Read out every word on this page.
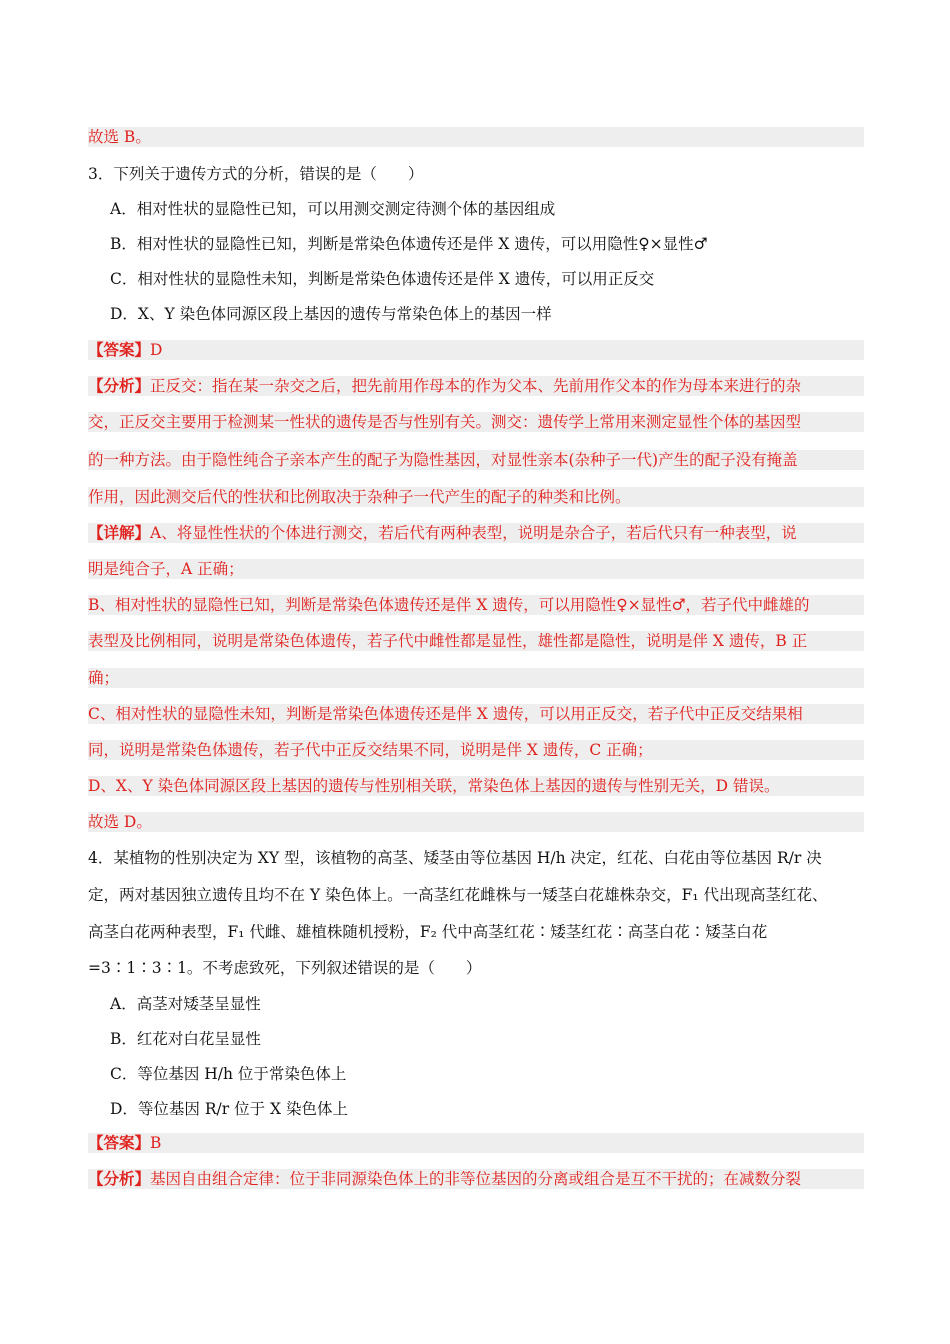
故选 B。
3．下列关于遗传方式的分析，错误的是（　　）
A．相对性状的显隐性已知，可以用测交测定待测个体的基因组成
B．相对性状的显隐性已知，判断是常染色体遗传还是伴 X 遗传，可以用隐性♀×显性♂
C．相对性状的显隐性未知，判断是常染色体遗传还是伴 X 遗传，可以用正反交
D．X、Y 染色体同源区段上基因的遗传与常染色体上的基因一样
【答案】D
【分析】正反交：指在某一杂交之后，把先前用作母本的作为父本、先前用作父本的作为母本来进行的杂
交，正反交主要用于检测某一性状的遗传是否与性别有关。测交：遗传学上常用来测定显性个体的基因型
的一种方法。由于隐性纯合子亲本产生的配子为隐性基因，对显性亲本(杂种子一代)产生的配子没有掩盖
作用，因此测交后代的性状和比例取决于杂种子一代产生的配子的种类和比例。
【详解】A、将显性性状的个体进行测交，若后代有两种表型，说明是杂合子，若后代只有一种表型，说
明是纯合子，A 正确；
B、相对性状的显隐性已知，判断是常染色体遗传还是伴 X 遗传，可以用隐性♀×显性♂，若子代中雌雄的
表型及比例相同，说明是常染色体遗传，若子代中雌性都是显性，雄性都是隐性，说明是伴 X 遗传，B 正
确；
C、相对性状的显隐性未知，判断是常染色体遗传还是伴 X 遗传，可以用正反交，若子代中正反交结果相
同，说明是常染色体遗传，若子代中正反交结果不同，说明是伴 X 遗传，C 正确；
D、X、Y 染色体同源区段上基因的遗传与性别相关联，常染色体上基因的遗传与性别无关，D 错误。
故选 D。
4．某植物的性别决定为 XY 型，该植物的高茎、矮茎由等位基因 H/h 决定，红花、白花由等位基因 R/r 决
定，两对基因独立遗传且均不在 Y 染色体上。一高茎红花雌株与一矮茎白花雄株杂交，F₁ 代出现高茎红花、
高茎白花两种表型，F₁ 代雌、雄植株随机授粉，F₂ 代中高茎红花∶矮茎红花∶高茎白花∶矮茎白花
=3∶1∶3∶1。不考虑致死，下列叙述错误的是（　　）
A．高茎对矮茎呈显性
B．红花对白花呈显性
C．等位基因 H/h 位于常染色体上
D．等位基因 R/r 位于 X 染色体上
【答案】B
【分析】基因自由组合定律：位于非同源染色体上的非等位基因的分离或组合是互不干扰的；在减数分裂
